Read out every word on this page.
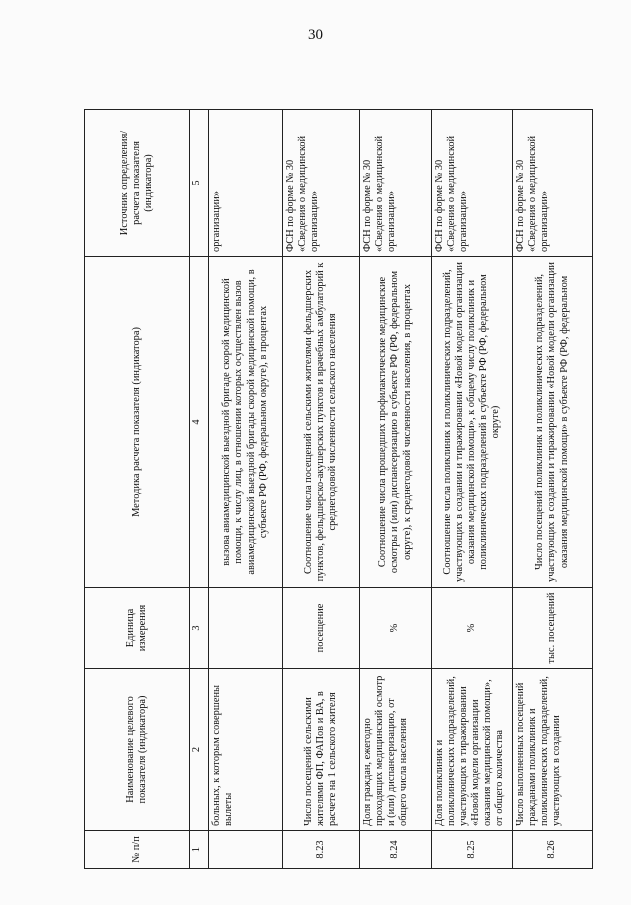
30
№ п/п	Наименование целевого показателя (индикатора)	Единица измерения	Методика расчета показателя (индикатора)	Источник определения/ расчета показателя (индикатора)
1	2	3	4	5
	больных, к которым совершены вылеты		вызова авиамедицинской выездной бригаде скорой медицинской помощи, к числу лиц, в отношении которых осуществлен вызов авиамедицинской выездной бригады скорой медицинской помощи, в субъекте РФ (РФ, федеральном округе), в процентах	организации»
8.23	Число посещений сельскими жителями ФП, ФАПов и ВА, в расчете на 1 сельского жителя	посещение	Соотношение числа посещений сельскими жителями фельдшерских пунктов, фельдшерско-акушерских пунктов и врачебных амбулаторий к среднегодовой численности сельского населения	ФСН по форме № 30 «Сведения о медицинской организации»
8.24	Доля граждан, ежегодно проходящих медицинский осмотр и (или) диспансеризацию, от общего числа населения	%	Соотношение числа прошедших профилактические медицинские осмотры и (или) диспансеризацию в субъекте РФ (РФ, федеральном округе), к среднегодовой численности населения, в процентах	ФСН по форме № 30 «Сведения о медицинской организации»
8.25	Доля поликлиник и поликлинических подразделений, участвующих в тиражировании «Новой модели организации оказания медицинской помощи», от общего количества	%	Соотношение числа поликлиник и поликлинических подразделений, участвующих в создании и тиражировании «Новой модели организации оказания медицинской помощи», к общему числу поликлиник и поликлинических подразделений в субъекте РФ (РФ, федеральном округе)	ФСН по форме № 30 «Сведения о медицинской организации»
8.26	Число выполненных посещений гражданами поликлиник и поликлинических подразделений, участвующих в создании	тыс. посещений	Число посещений поликлиник и поликлинических подразделений, участвующих в создании и тиражировании «Новой модели организации оказания медицинской помощи» в субъекте РФ (РФ, федеральном	ФСН по форме № 30 «Сведения о медицинской организации»
